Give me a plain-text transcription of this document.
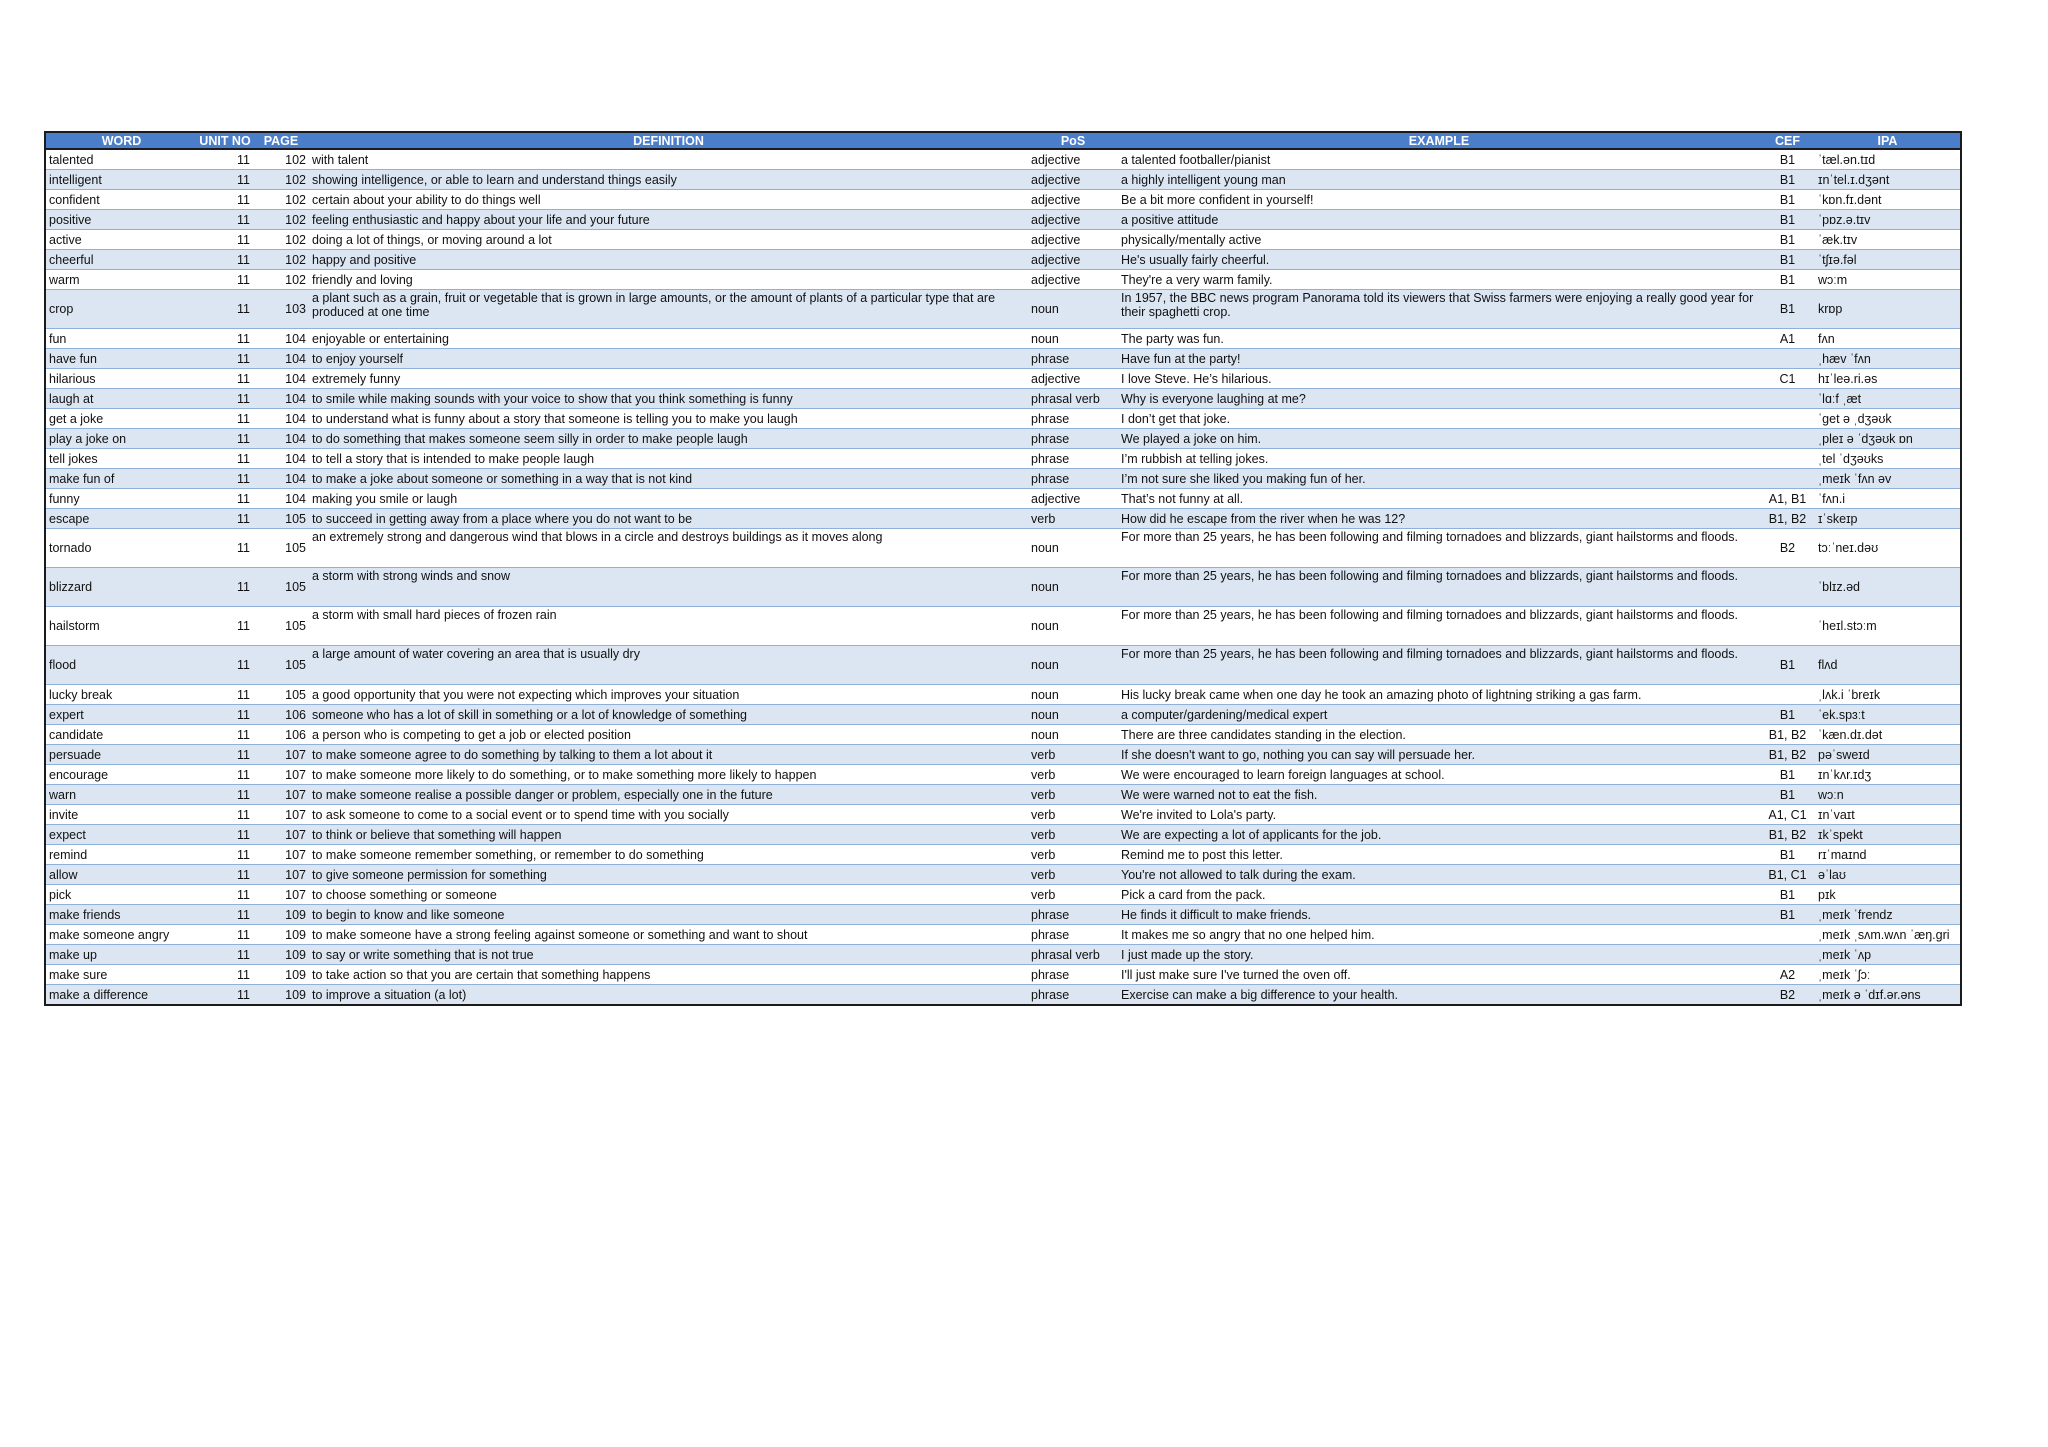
WORD	UNIT NO	PAGE	DEFINITION	PoS	EXAMPLE	CEF	IPA
talented	11	102	with talent	adjective	a talented footballer/pianist	B1	ˈtæl.ən.tɪd
intelligent	11	102	showing intelligence, or able to learn and understand things easily	adjective	a highly intelligent young man	B1	ɪnˈtel.ɪ.dʒənt
confident	11	102	certain about your ability to do things well	adjective	Be a bit more confident in yourself!	B1	ˈkɒn.fɪ.dənt
positive	11	102	feeling enthusiastic and happy about your life and your future	adjective	a positive attitude	B1	ˈpɒz.ə.tɪv
active	11	102	doing a lot of things, or moving around a lot	adjective	physically/mentally active	B1	ˈæk.tɪv
cheerful	11	102	happy and positive	adjective	He's usually fairly cheerful.	B1	ˈtʃɪə.fəl
warm	11	102	friendly and loving	adjective	They're a very warm family.	B1	wɔːm
crop	11	103	a plant such as a grain, fruit or vegetable that is grown in large amounts, or the amount of plants of a particular type that are produced at one time	noun	In 1957, the BBC news program Panorama told its viewers that Swiss farmers were enjoying a really good year for their spaghetti crop.	B1	krɒp
fun	11	104	enjoyable or entertaining	noun	The party was fun.	A1	fʌn
have fun	11	104	to enjoy yourself	phrase	Have fun at the party!		ˌhæv ˈfʌn
hilarious	11	104	extremely funny	adjective	I love Steve. He’s hilarious.	C1	hɪˈleə.ri.əs
laugh at	11	104	to smile while making sounds with your voice to show that you think something is funny	phrasal verb	Why is everyone laughing at me?		ˈlɑːf ˌæt
get a joke	11	104	to understand what is funny about a story that someone is telling you to make you laugh	phrase	I don’t get that joke.		ˈget ə ˌdʒəʊk
play a joke on	11	104	to do something that makes someone seem silly in order to make people laugh	phrase	We played a joke on him.		ˌpleɪ ə ˈdʒəʊk ɒn
tell jokes	11	104	to tell a story that is intended to make people laugh	phrase	I’m rubbish at telling jokes.		ˌtel ˈdʒəʊks
make fun of	11	104	to make a joke about someone or something in a way that is not kind	phrase	I’m not sure she liked you making fun of her.		ˌmeɪk ˈfʌn əv
funny	11	104	making you smile or laugh	adjective	That’s not funny at all.	A1, B1	ˈfʌn.i
escape	11	105	to succeed in getting away from a place where you do not want to be	verb	How did he escape from the river when he was 12?	B1, B2	ɪˈskeɪp
tornado	11	105	an extremely strong and dangerous wind that blows in a circle and destroys buildings as it moves along	noun	For more than 25 years, he has been following and filming tornadoes and blizzards, giant hailstorms and floods.	B2	tɔːˈneɪ.dəʊ
blizzard	11	105	a storm with strong winds and snow	noun	For more than 25 years, he has been following and filming tornadoes and blizzards, giant hailstorms and floods.		ˈblɪz.əd
hailstorm	11	105	a storm with small hard pieces of frozen rain	noun	For more than 25 years, he has been following and filming tornadoes and blizzards, giant hailstorms and floods.		ˈheɪl.stɔːm
flood	11	105	a large amount of water covering an area that is usually dry	noun	For more than 25 years, he has been following and filming tornadoes and blizzards, giant hailstorms and floods.	B1	flʌd
lucky break	11	105	a good opportunity that you were not expecting which improves your situation	noun	His lucky break came when one day he took an amazing photo of lightning striking a gas farm.		ˌlʌk.i ˈbreɪk
expert	11	106	someone who has a lot of skill in something or a lot of knowledge of something	noun	a computer/gardening/medical expert	B1	ˈek.spɜːt
candidate	11	106	a person who is competing to get a job or elected position	noun	There are three candidates standing in the election.	B1, B2	ˈkæn.dɪ.dət
persuade	11	107	to make someone agree to do something by talking to them a lot about it	verb	If she doesn't want to go, nothing you can say will persuade her.	B1, B2	pəˈsweɪd
encourage	11	107	to make someone more likely to do something, or to make something more likely to happen	verb	We were encouraged to learn foreign languages at school.	B1	ɪnˈkʌr.ɪdʒ
warn	11	107	to make someone realise a possible danger or problem, especially one in the future	verb	We were warned not to eat the fish.	B1	wɔːn
invite	11	107	to ask someone to come to a social event or to spend time with you socially	verb	We're invited to Lola's party.	A1, C1	ɪnˈvaɪt
expect	11	107	to think or believe that something will happen	verb	We are expecting a lot of applicants for the job.	B1, B2	ɪkˈspekt
remind	11	107	to make someone remember something, or remember to do something	verb	Remind me to post this letter.	B1	rɪˈmaɪnd
allow	11	107	to give someone permission for something	verb	You're not allowed to talk during the exam.	B1, C1	əˈlaʊ
pick	11	107	to choose something or someone	verb	Pick a card from the pack.	B1	pɪk
make friends	11	109	to begin to know and like someone	phrase	He finds it difficult to make friends.	B1	ˌmeɪk ˈfrendz
make someone angry	11	109	to make someone have a strong feeling against someone or something and want to shout	phrase	It makes me so angry that no one helped him.		ˌmeɪk ˌsʌm.wʌn ˈæŋ.gri
make up	11	109	to say or write something that is not true	phrasal verb	I just made up the story.		ˌmeɪk ˈʌp
make sure	11	109	to take action so that you are certain that something happens	phrase	I'll just make sure I've turned the oven off.	A2	ˌmeɪk ˈʃɔː
make a difference	11	109	to improve a situation (a lot)	phrase	Exercise can make a big difference to your health.	B2	ˌmeɪk ə ˈdɪf.ər.əns
